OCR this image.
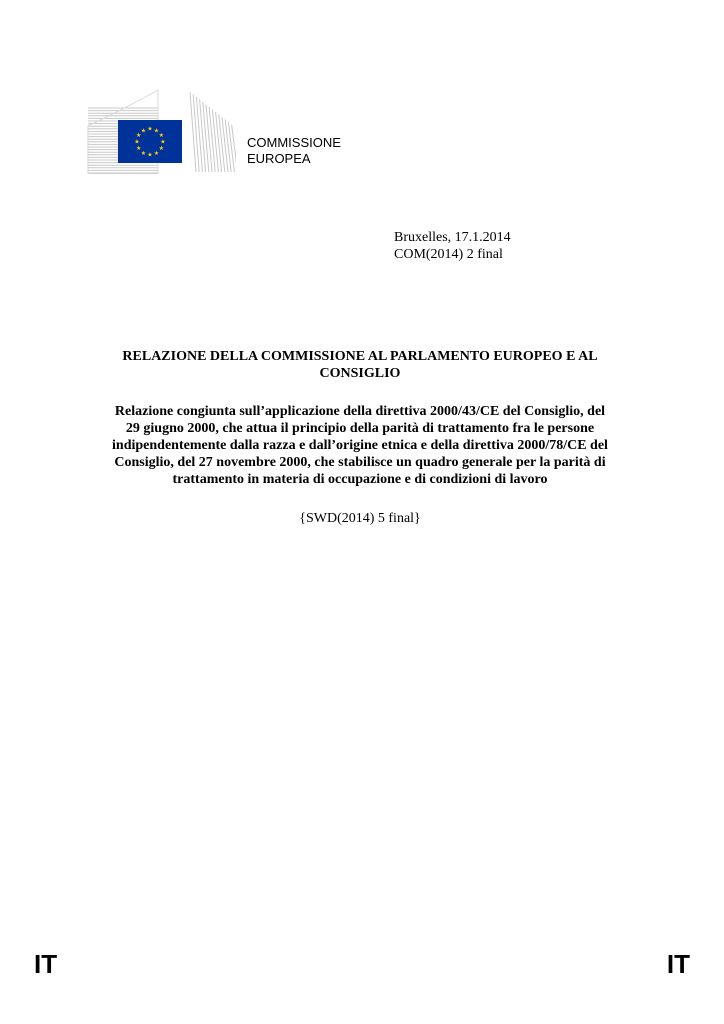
★ ★
★
★
★
★
★
★
★
★
★
★
COMMISSIONE
EUROPEA
Bruxelles, 17.1.2014
COM(2014) 2 final
RELAZIONE DELLA COMMISSIONE AL PARLAMENTO EUROPEO E AL CONSIGLIO
Relazione congiunta sull’applicazione della direttiva 2000/43/CE del Consiglio, del
29 giugno 2000, che attua il principio della parità di trattamento fra le persone
indipendentemente dalla razza e dall’origine etnica e della direttiva 2000/78/CE del
Consiglio, del 27 novembre 2000, che stabilisce un quadro generale per la parità di
trattamento in materia di occupazione e di condizioni di lavoro
{SWD(2014) 5 final}
IT	IT
